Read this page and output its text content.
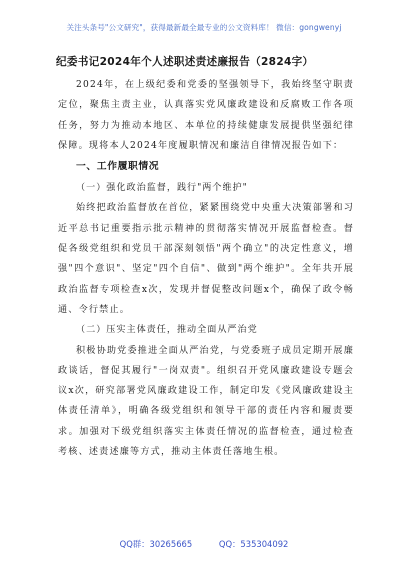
关注头条号"公文研究"，获得最新最全最专业的公文资料库！ 微信：gongwenyj
纪委书记2024年个人述职述责述廉报告（2824字）

2024年，在上级纪委和党委的坚强领导下，我始终坚守职责定位，聚焦主责主业，认真落实党风廉政建设和反腐败工作各项任务，努力为推动本地区、本单位的持续健康发展提供坚强纪律保障。现将本人2024年度履职情况和廉洁自律情况报告如下：

一、工作履职情况
（一）强化政治监督，践行"两个维护"

始终把政治监督放在首位，紧紧围绕党中央重大决策部署和习近平总书记重要指示批示精神的贯彻落实情况开展监督检查。督促各级党组织和党员干部深刻领悟"两个确立"的决定性意义，增强"四个意识"、坚定"四个自信"、做到"两个维护"。全年共开展政治监督专项检查x次，发现并督促整改问题x个，确保了政令畅通、令行禁止。

（二）压实主体责任，推动全面从严治党

积极协助党委推进全面从严治党，与党委班子成员定期开展廉政谈话，督促其履行"一岗双责"。组织召开党风廉政建设专题会议x次，研究部署党风廉政建设工作，制定印发《党风廉政建设主体责任清单》，明确各级党组织和领导干部的责任内容和履责要求。加强对下级党组织落实主体责任情况的监督检查，通过检查考核、述责述廉等方式，推动主体责任落地生根。

QQ群：30265665	QQ：535304092
